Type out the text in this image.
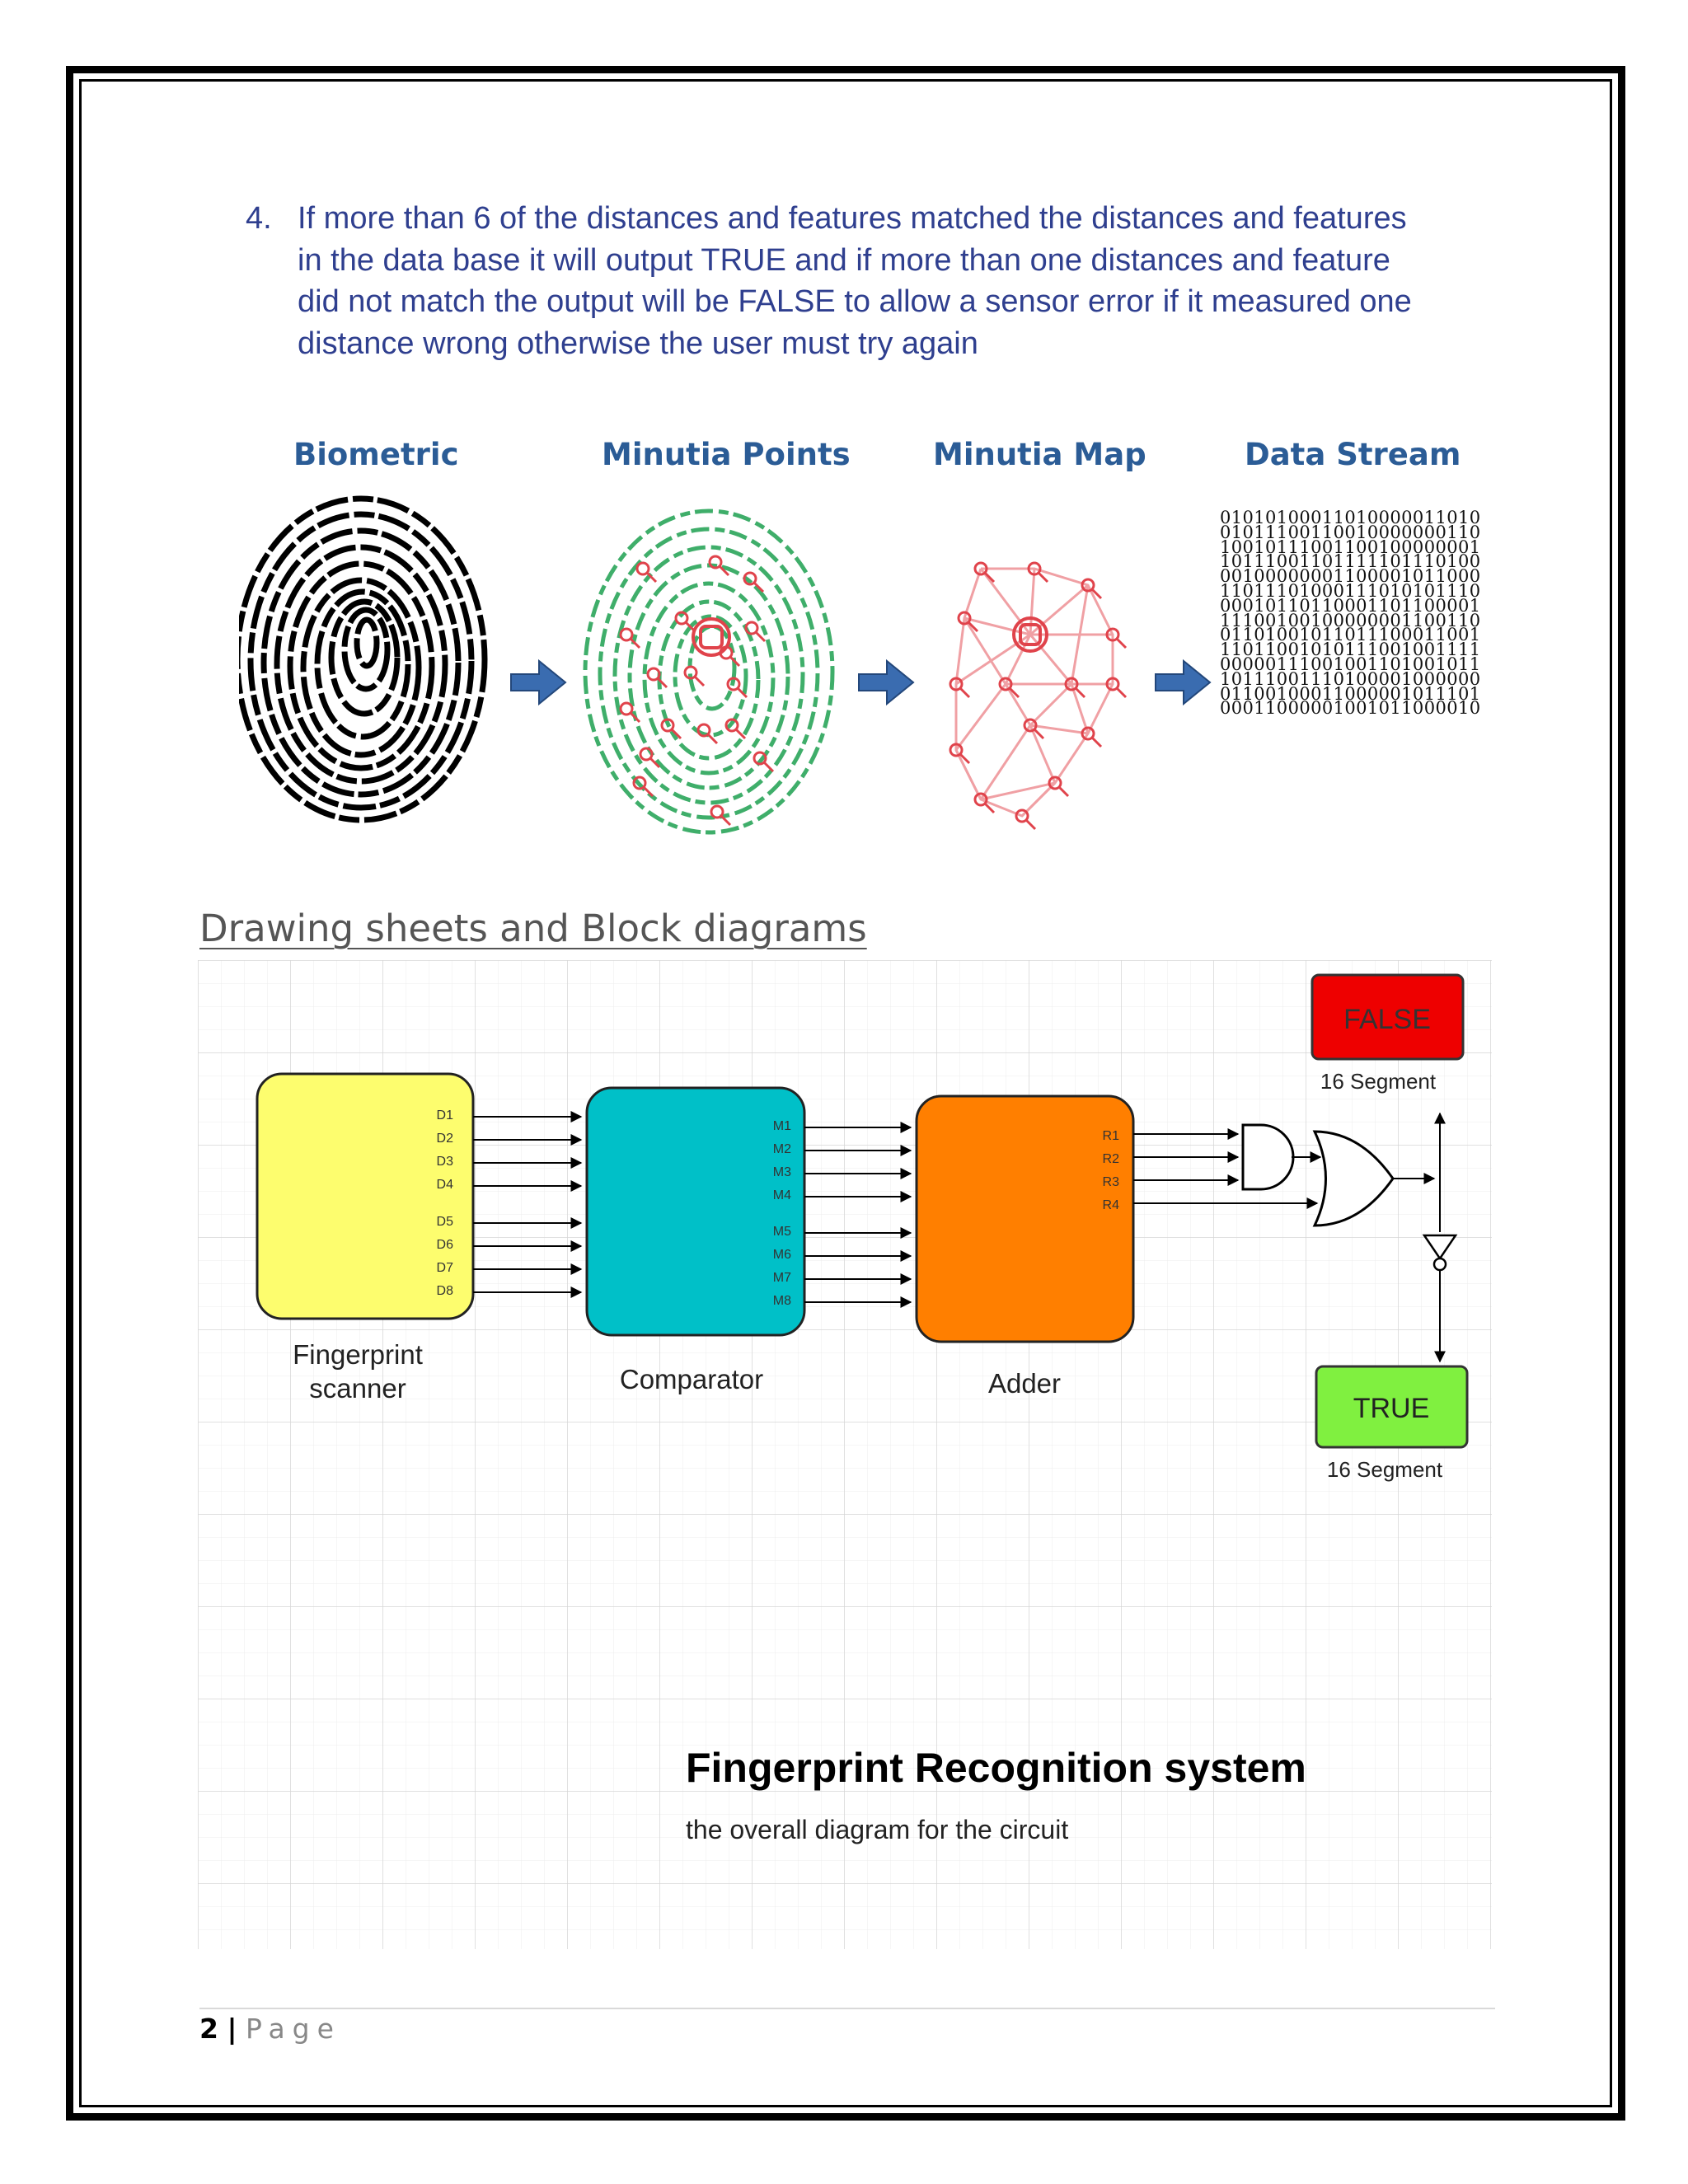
4. If more than 6 of the distances and features matched the distances and features
in the data base it will output TRUE and if more than one distances and feature
did not match the output will be FALSE to allow a sensor error if it measured one
distance wrong otherwise the user must try again
Biometric	Minutia Points	Minutia Map	Data Stream
01010100011010000011010
01011100110010000000110
10010111001100100000001
10111001101111101110100
00100000001100001011000
11011101000111010101110
00010110110001101100001
11100100100000001100110
01101001011011100011001
11011001010111001001111
00000111001001101001011
10111001110100001000000
01100100011000001011101
00011000001001011000010
Drawing sheets and Block diagrams
FALSE
16 Segment
D1
D2
D3
D4
D5
D6
D7
D8
Fingerprint
scanner
M1
M2
M3
M4
M5
M6
M7
M8
Comparator
R1
R2
R3
R4
Adder
TRUE
16 Segment
Fingerprint Recognition system
the overall diagram for the circuit
2 | Page
